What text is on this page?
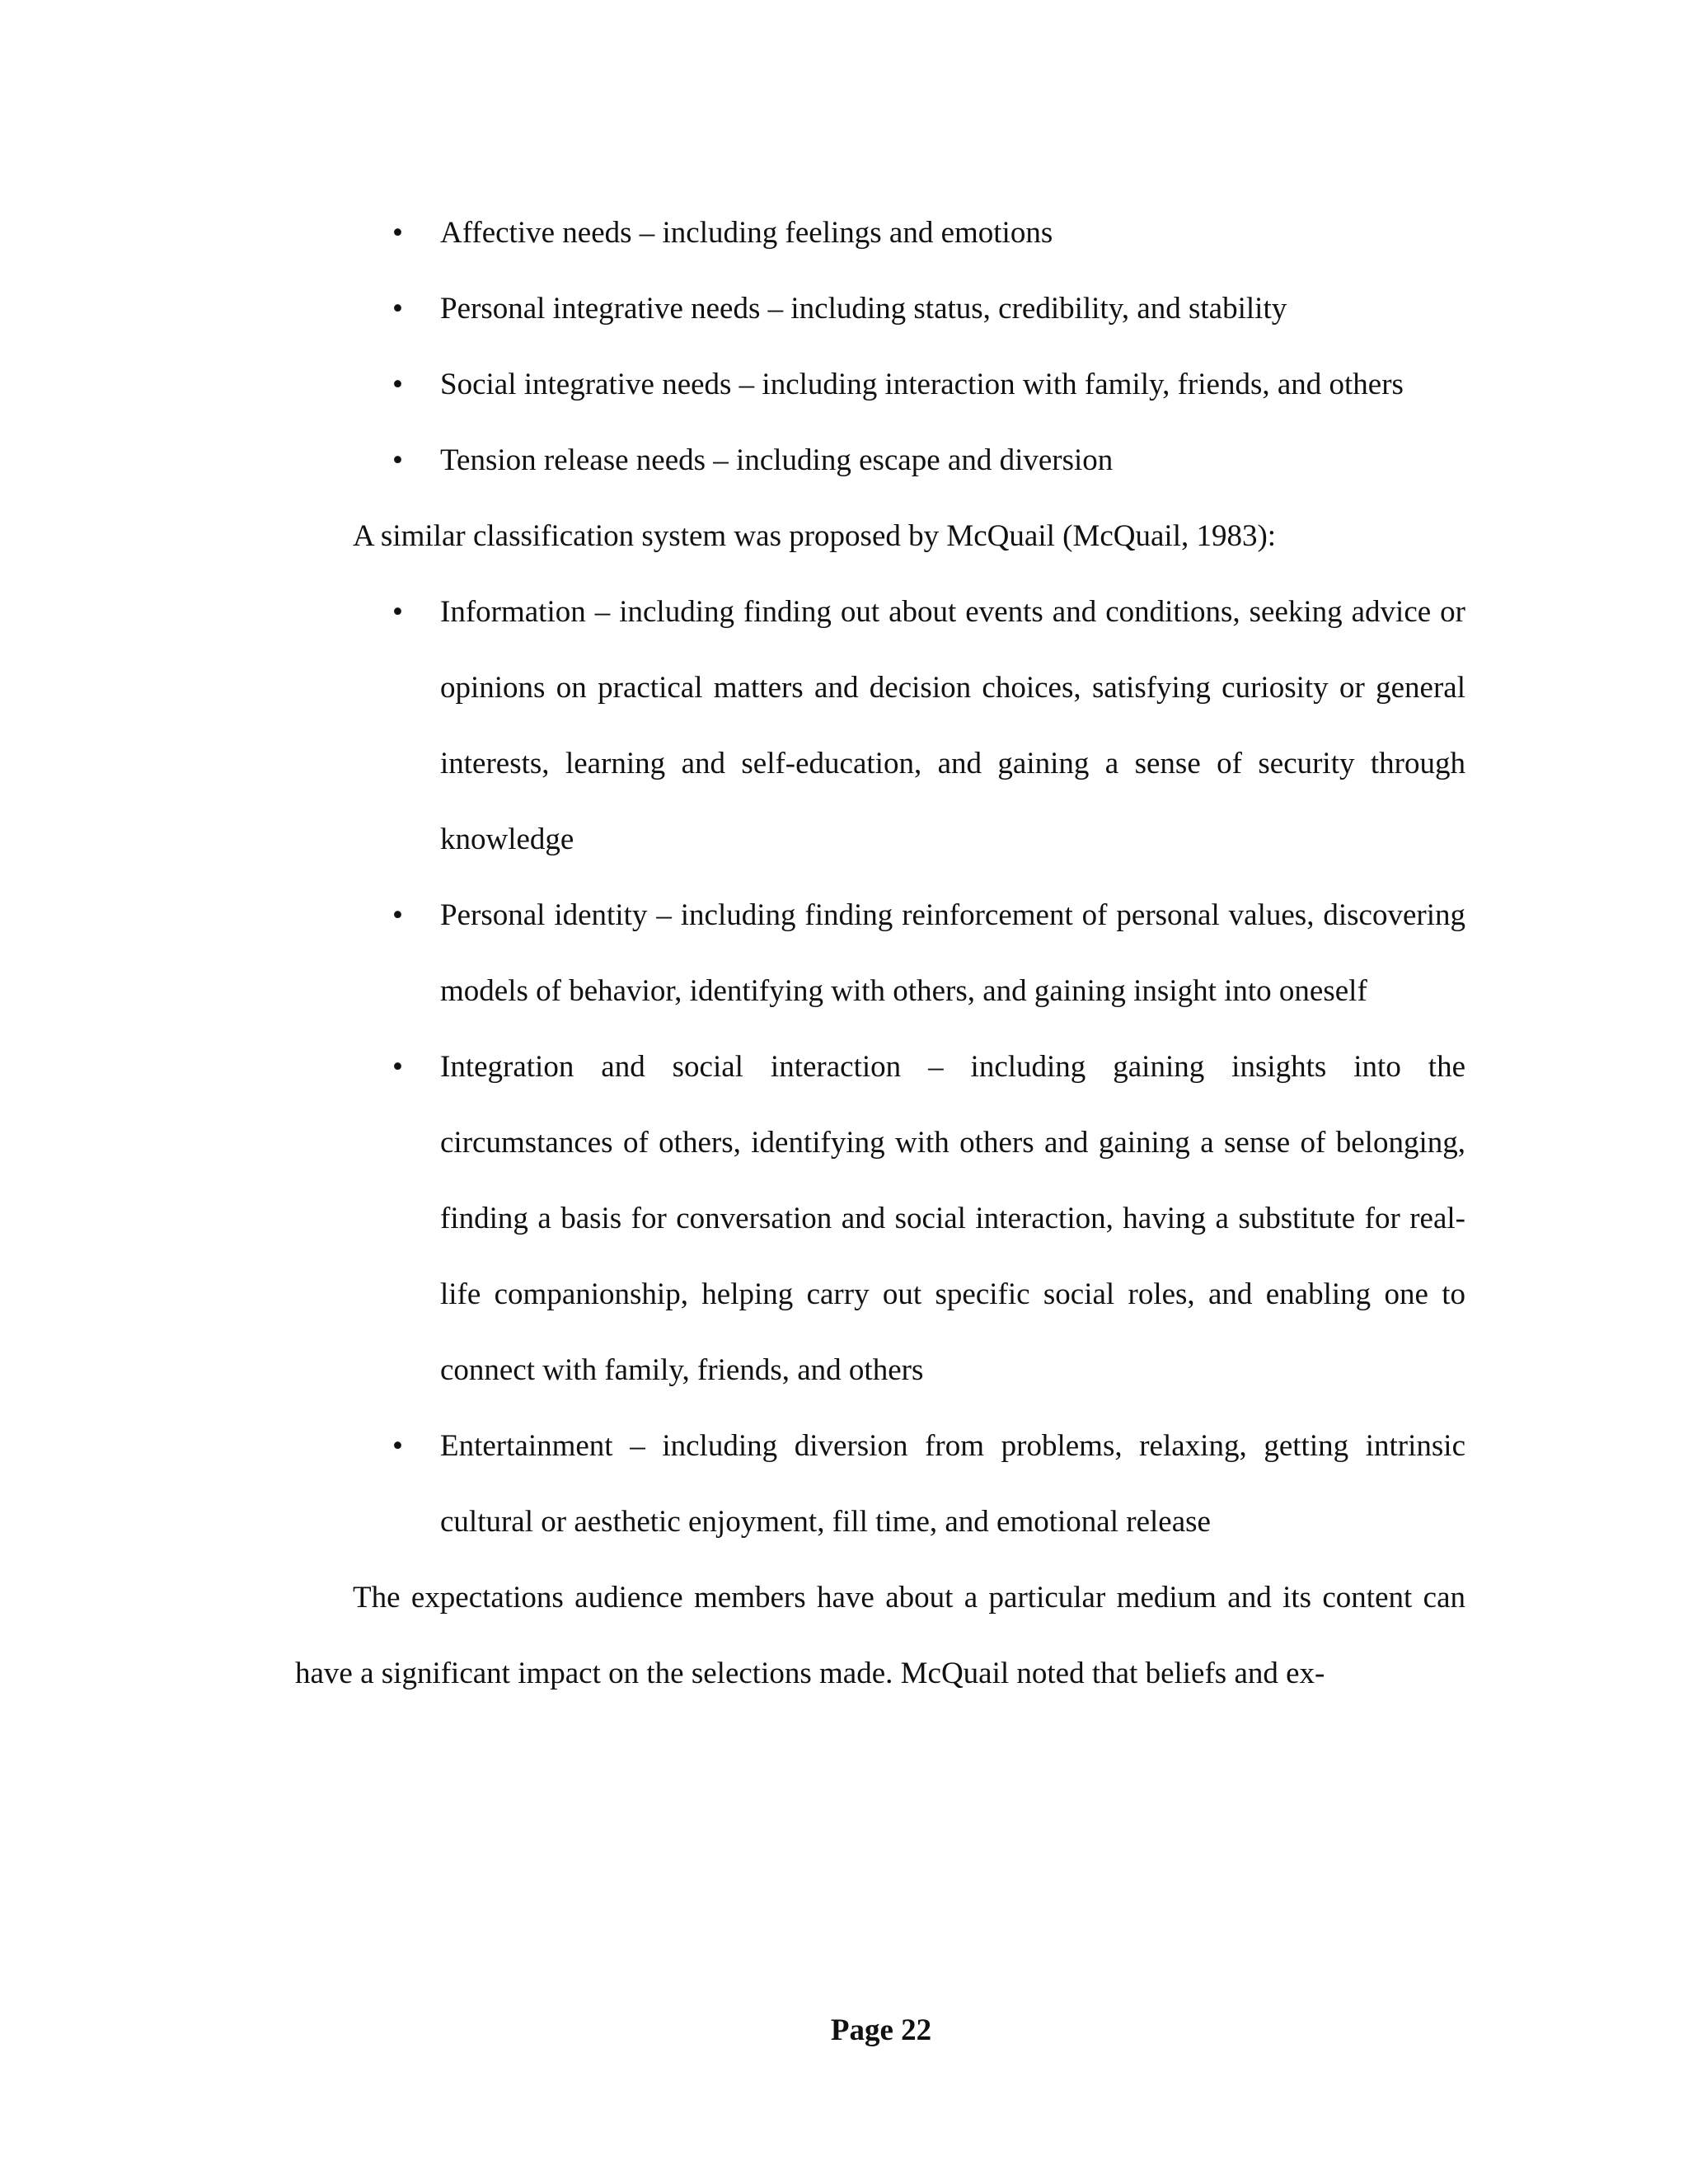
• Affective needs – including feelings and emotions
• Personal integrative needs – including status, credibility, and stability
• Social integrative needs – including interaction with family, friends, and others
• Tension release needs – including escape and diversion

A similar classification system was proposed by McQuail (McQuail, 1983):

• Information – including finding out about events and conditions, seeking advice or opinions on practical matters and decision choices, satisfying curiosity or general interests, learning and self-education, and gaining a sense of security through knowledge
• Personal identity – including finding reinforcement of personal values, discovering models of behavior, identifying with others, and gaining insight into oneself
• Integration and social interaction – including gaining insights into the circumstances of others, identifying with others and gaining a sense of belonging, finding a basis for conversation and social interaction, having a substitute for real-life companionship, helping carry out specific social roles, and enabling one to connect with family, friends, and others
• Entertainment – including diversion from problems, relaxing, getting intrinsic cultural or aesthetic enjoyment, fill time, and emotional release

The expectations audience members have about a particular medium and its content can have a significant impact on the selections made. McQuail noted that beliefs and ex-

Page 22
